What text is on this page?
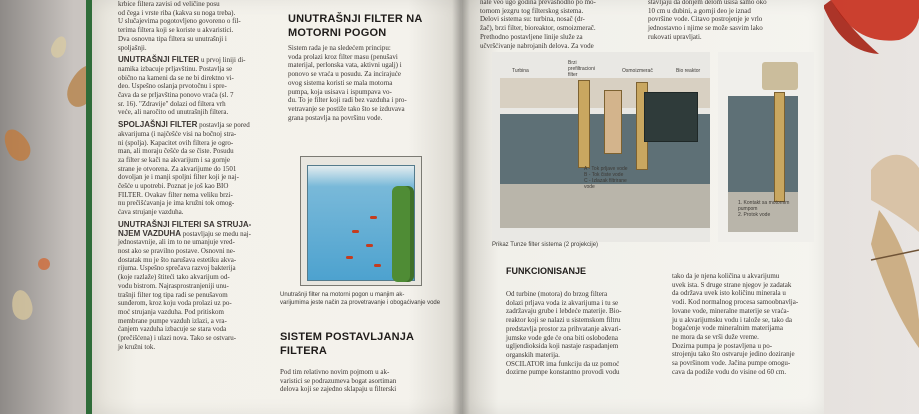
krbice filtera zavisi od veličine posu
od čega i vrste riba (kakva su noga treba).
U slučajevima pogotovljeno govoreno o fil-
terima filtera koji se koriste u akvaristici.
Dva osnovna tipa filtera su unutrašnji i
spoljašnji.

UNUTRAŠNJI FILTER u prvoj liniji di-
namika izbacuje prljavštinu. Postavlja se
obično na kameni da se ne bi direktno vi-
deo. Uspešno oslanja prvotočnu i spre-
čava da se prljavština ponovo vraća (sl. 7
sr. 16). "Zdravije" dolazi od filtera vrh
veće, ali naročito od unutrašnjih filtera.

SPOLJAŠNJI FILTER postavlja se pored
akvarijuma (i najčešće visi na bočnoj stra-
ni (spolja). Kapacitet ovih filtera je ogro-
man, ali moraju češće da se čiste. Posudu
za filter se kači na akvarijum i sa gornje
strane je otvorena. Za akvarijume do 1501
dovoljan je i manji spoljni filter koji je naj-
češće u upotrebi. Poznat je još kao BIO
FILTER. Ovakav filter nema veliku brzi-
nu prečišćavanja je ima kružni tok omog-
ćava strujanje vazduha.

UNUTRAŠNJI FILTERI SA STRUJA-
NJEM VAZDUHA postavljaju se medu naj-
jednostavnije, ali im to ne umanjuje vred-
nost ako se pravilno postave. Osnovni ne-
dostatak mu je što narušava estetiku akva-
rijuma. Uspešno sprečava razvoj bakterija
(koje razlaže) štiteći tako akvarijum od-
vodu bistrom. Najrasprostranjeniji unu-
trašnji filter tog tipa radi se penušavom
sunđerom, kroz koju voda prolazi uz po-
moć strujanja vazduha. Pod pritiskom
membrane pumpe vazduh izlazi, a vra-
ćanjem vazduha izbacuje se stara voda
(prečišćena) i ulazi nova. Tako se ostvaru-
je kružni tok.

UNUTRAŠNJI FILTER NA
MOTORNI POGON

Sistem rada je na sledećem principu:
voda prolazi kroz filter masu (penušavi
materijal, perlonska vata, aktivni ugalj) i
ponovo se vraća u posudu. Za incirajuće
ovog sistema koristi se mala motorna
pumpa, koja usisava i ispumpava vo-
du. To je filter koji radi bez vazduha i pro-
vetravanje se postiže tako što se izduvava
grana postavlja na površinu vode.

Unutrašnji filter na motorni pogon u manjim ak-
varijumima jeste način za provetravanje i obogaćivanje vode
SISTEM POSTAVLJANJA
FILTERA

Pod tim relativno novim pojmom u ak-
varistici se podrazumeva bogat asortiman
delova koji se zajedno sklapaju u filterski

nate veo ugo godina prevashodno po mo-
tornom jezgru tog filterskog sistema.
Delovi sistema su: turbina, nosač (dr-
žač), brzi filter, bioreaktor, osmoizmerač.
Prethodno postavljene linije služe za
učvršćivanje nabrojanih delova. Za vode

stavljaju da donjem delom usisa samo oko
10 cm u dubini, a gornji deo je iznad
površine vode. Citavo postrojenje je vrlo
jednostavno i njime se može sasvim lako
rukovati upravljati.

Turbina
Brzi
prefiltracioni
filter
Osmoizmerač	Bio reaktor
A - Tok prljave vode
B - Tok čiste vode
C - Izlazak filtrirane
vode
1. Kontakt sa motornim
pumpom
2. Protok vode
Prikaz Tunze filter sistema (2 projekcije)
FUNKCIONISANJE

Od turbine (motora) do brzog filtera
dolazi prljava voda iz akvarijuma i tu se
zadržavaju grube i lebdeće materije. Bio-
reaktor koji se nalazi u sistemskom filtru
predstavlja prostor za prihvatanje akvari-
jumske vode gde će ona biti oslobođena
ugljendioksida koji nastaje raspadanjem
organskih materija.
OSCILATOR ima funkciju da uz pomoć
dozirne pumpe konstantno provodi vodu

tako da je njena količina u akvarijumu
uvek ista. S druge strane njegov je zadatak
da održava uvek isto količinu minerala u
vodi. Kod normalnog procesa samoobnavlja-
lovane vode, mineralne materije se vraća-
ju u akvarijumsku vodu i talože se, tako da
bogaćenje vode mineralnim materijama
ne mora da se vrši duže vreme.
Dozirna pumpa je postavljena u po-
strojenju tako što ostvaruje jedino doziranje
sa površinom vode. Jačina pumpe omogu-
cava da podiže vodu do visine od 60 cm.
